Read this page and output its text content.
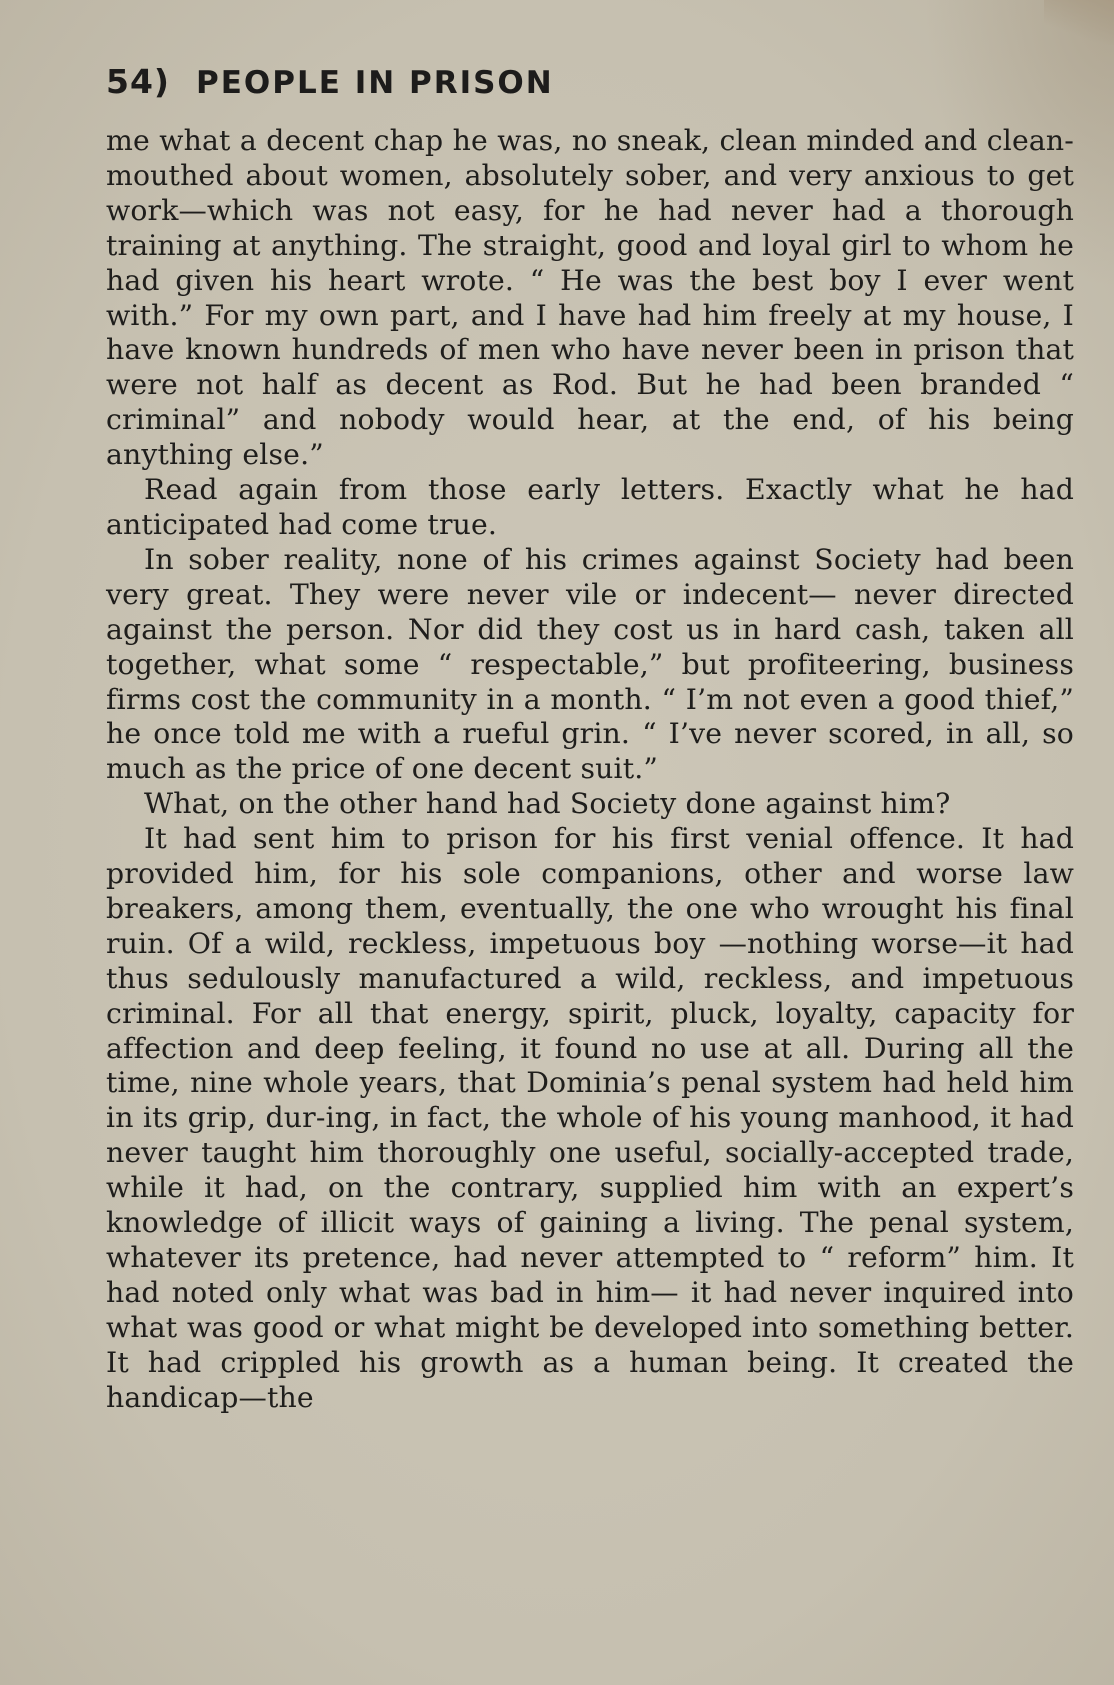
54) PEOPLE IN PRISON

me what a decent chap he was, no sneak, clean minded and clean-mouthed about women, absolutely sober, and very anxious to get work—which was not easy, for he had never had a thorough training at anything. The straight, good and loyal girl to whom he had given his heart wrote. “ He was the best boy I ever went with.” For my own part, and I have had him freely at my house, I have known hundreds of men who have never been in prison that were not half as decent as Rod. But he had been branded “ criminal” and nobody would hear, at the end, of his being anything else.”

Read again from those early letters. Exactly what he had anticipated had come true.

In sober reality, none of his crimes against Society had been very great. They were never vile or indecent— never directed against the person. Nor did they cost us in hard cash, taken all together, what some “ respectable,” but profiteering, business firms cost the community in a month. “ I’m not even a good thief,” he once told me with a rueful grin. “ I’ve never scored, in all, so much as the price of one decent suit.”

What, on the other hand had Society done against him?

It had sent him to prison for his first venial offence. It had provided him, for his sole companions, other and worse law breakers, among them, eventually, the one who wrought his final ruin. Of a wild, reckless, impetuous boy —nothing worse—it had thus sedulously manufactured a wild, reckless, and impetuous criminal. For all that energy, spirit, pluck, loyalty, capacity for affection and deep feeling, it found no use at all. During all the time, nine whole years, that Dominia’s penal system had held him in its grip, dur-ing, in fact, the whole of his young manhood, it had never taught him thoroughly one useful, socially-accepted trade, while it had, on the contrary, supplied him with an expert’s knowledge of illicit ways of gaining a living. The penal system, whatever its pretence, had never attempted to “ reform” him. It had noted only what was bad in him— it had never inquired into what was good or what might be developed into something better. It had crippled his growth as a human being. It created the handicap—the
